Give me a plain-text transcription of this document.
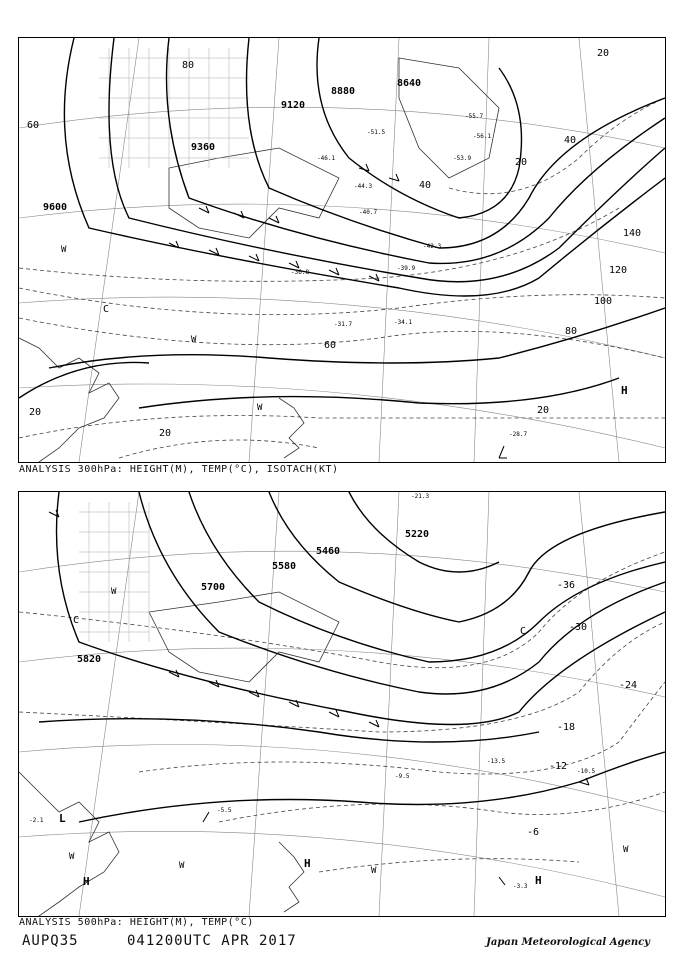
9600
9120
9360
8640
8880
-28.7
-31.7	-34.1
-36.8
-39.9
-40.7
-42.3
-44.3
-46.1
-51.5
-55.7
-56.1
-53.9
20
20
40
60
80
100
120
140
80
60
40
20
20
20
H
C
W
W
W
ANALYSIS 300hPa: HEIGHT(M), TEMP(°C), ISOTACH(KT)
5820
5700
5580
5460
5220
-36
-30
-24
-18
-12
-6
-5.5
-9.5
-13.5
-10.5
-3.3
-2.1
-21.3
L
H
H
H
C
C
W
W
W	W
W
ANALYSIS 500hPa: HEIGHT(M), TEMP(°C)
AUPQ35	041200UTC APR 2017	Japan Meteorological Agency
